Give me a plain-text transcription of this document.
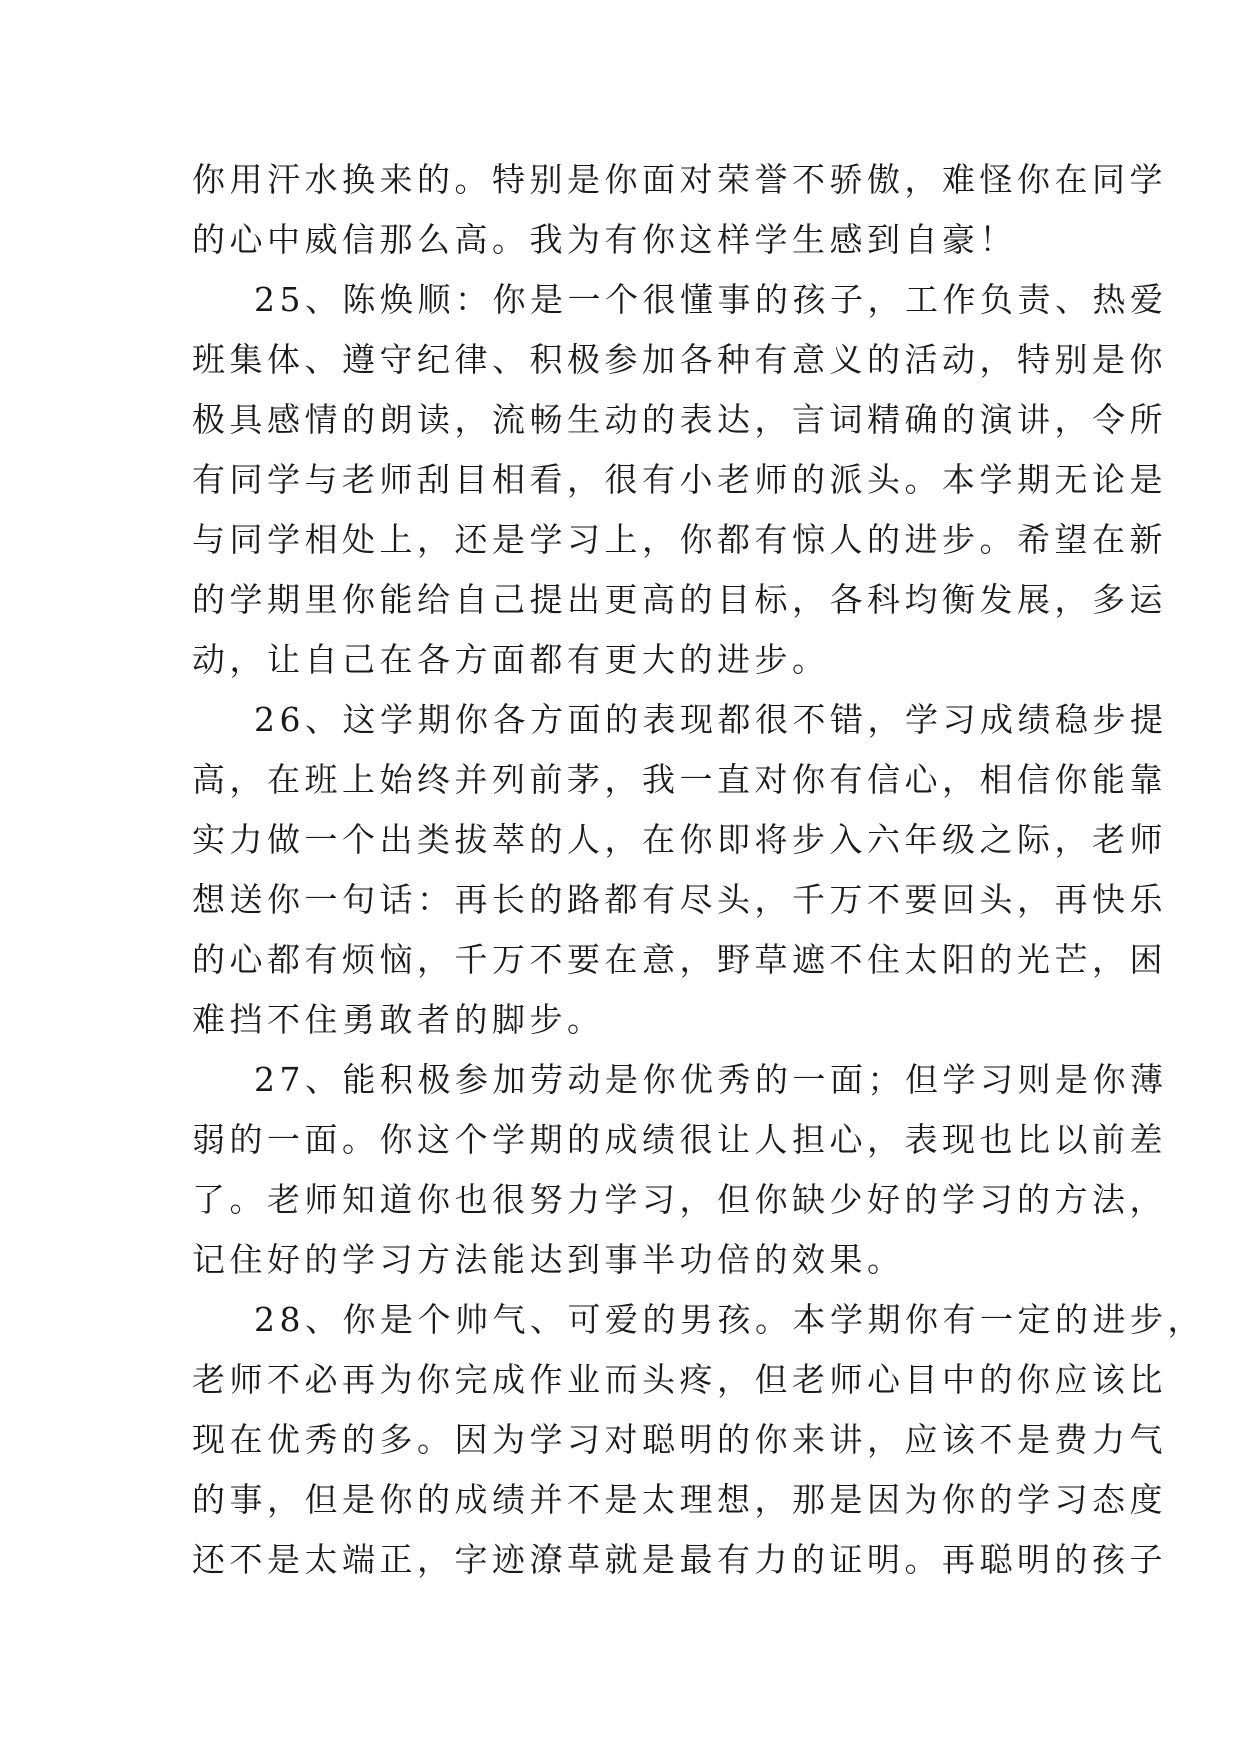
你用汗水换来的。特别是你面对荣誉不骄傲，难怪你在同学
的心中威信那么高。我为有你这样学生感到自豪！
25、陈焕顺：你是一个很懂事的孩子，工作负责、热爱
班集体、遵守纪律、积极参加各种有意义的活动，特别是你
极具感情的朗读，流畅生动的表达，言词精确的演讲，令所
有同学与老师刮目相看，很有小老师的派头。本学期无论是
与同学相处上，还是学习上，你都有惊人的进步。希望在新
的学期里你能给自己提出更高的目标，各科均衡发展，多运
动，让自己在各方面都有更大的进步。
26、这学期你各方面的表现都很不错，学习成绩稳步提
高，在班上始终并列前茅，我一直对你有信心，相信你能靠
实力做一个出类拔萃的人，在你即将步入六年级之际，老师
想送你一句话：再长的路都有尽头，千万不要回头，再快乐
的心都有烦恼，千万不要在意，野草遮不住太阳的光芒，困
难挡不住勇敢者的脚步。
27、能积极参加劳动是你优秀的一面；但学习则是你薄
弱的一面。你这个学期的成绩很让人担心，表现也比以前差
了。老师知道你也很努力学习，但你缺少好的学习的方法，
记住好的学习方法能达到事半功倍的效果。
28、你是个帅气、可爱的男孩。本学期你有一定的进步，
老师不必再为你完成作业而头疼，但老师心目中的你应该比
现在优秀的多。因为学习对聪明的你来讲，应该不是费力气
的事，但是你的成绩并不是太理想，那是因为你的学习态度
还不是太端正，字迹潦草就是最有力的证明。再聪明的孩子
